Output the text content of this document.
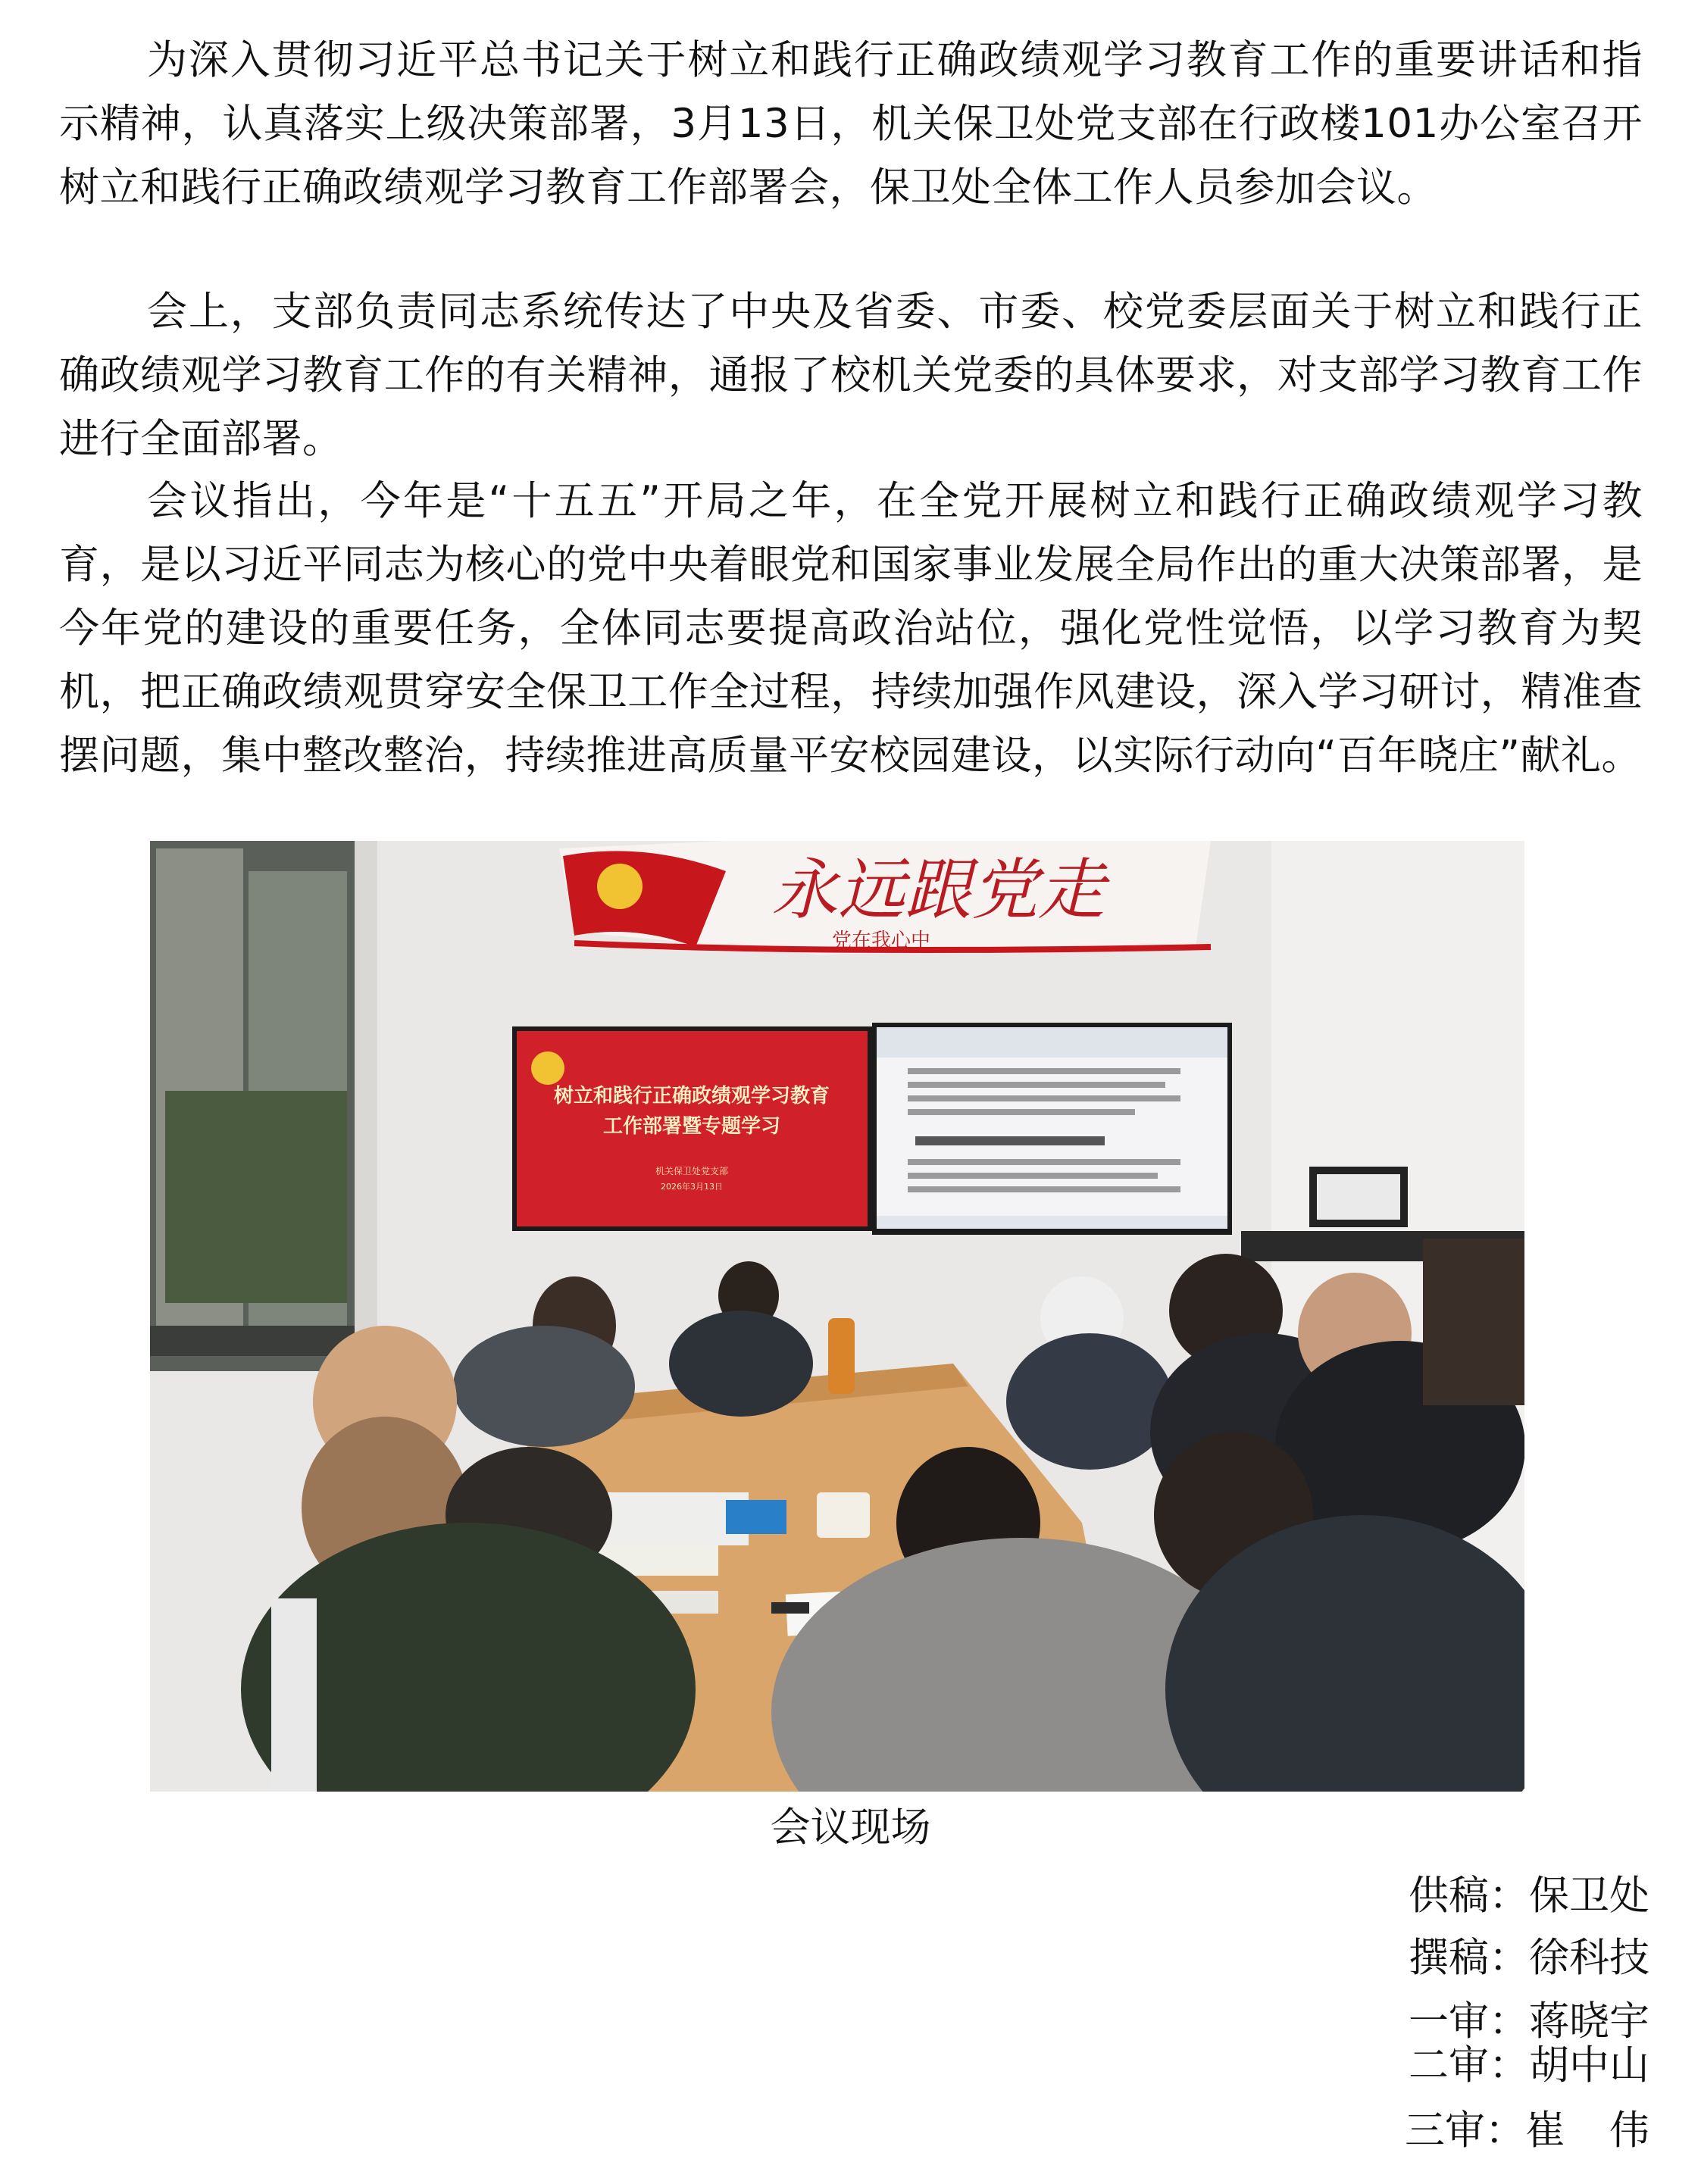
为深入贯彻习近平总书记关于树立和践行正确政绩观学习教育工作的重要讲话和指示精神，认真落实上级决策部署，3月13日，机关保卫处党支部在行政楼101办公室召开树立和践行正确政绩观学习教育工作部署会，保卫处全体工作人员参加会议。

会上，支部负责同志系统传达了中央及省委、市委、校党委层面关于树立和践行正确政绩观学习教育工作的有关精神，通报了校机关党委的具体要求，对支部学习教育工作进行全面部署。

会议指出，今年是“十五五”开局之年，在全党开展树立和践行正确政绩观学习教育，是以习近平同志为核心的党中央着眼党和国家事业发展全局作出的重大决策部署，是今年党的建设的重要任务，全体同志要提高政治站位，强化党性觉悟，以学习教育为契机，把正确政绩观贯穿安全保卫工作全过程，持续加强作风建设，深入学习研讨，精准查摆问题，集中整改整治，持续推进高质量平安校园建设，以实际行动向“百年晓庄”献礼。

永远跟党走
党在我心中
树立和践行正确政绩观学习教育
工作部署暨专题学习
机关保卫处党支部
2026年3月13日
会议现场
供稿：保卫处
撰稿：徐科技
一审：蒋晓宇
二审：胡中山
三审：崔伟
